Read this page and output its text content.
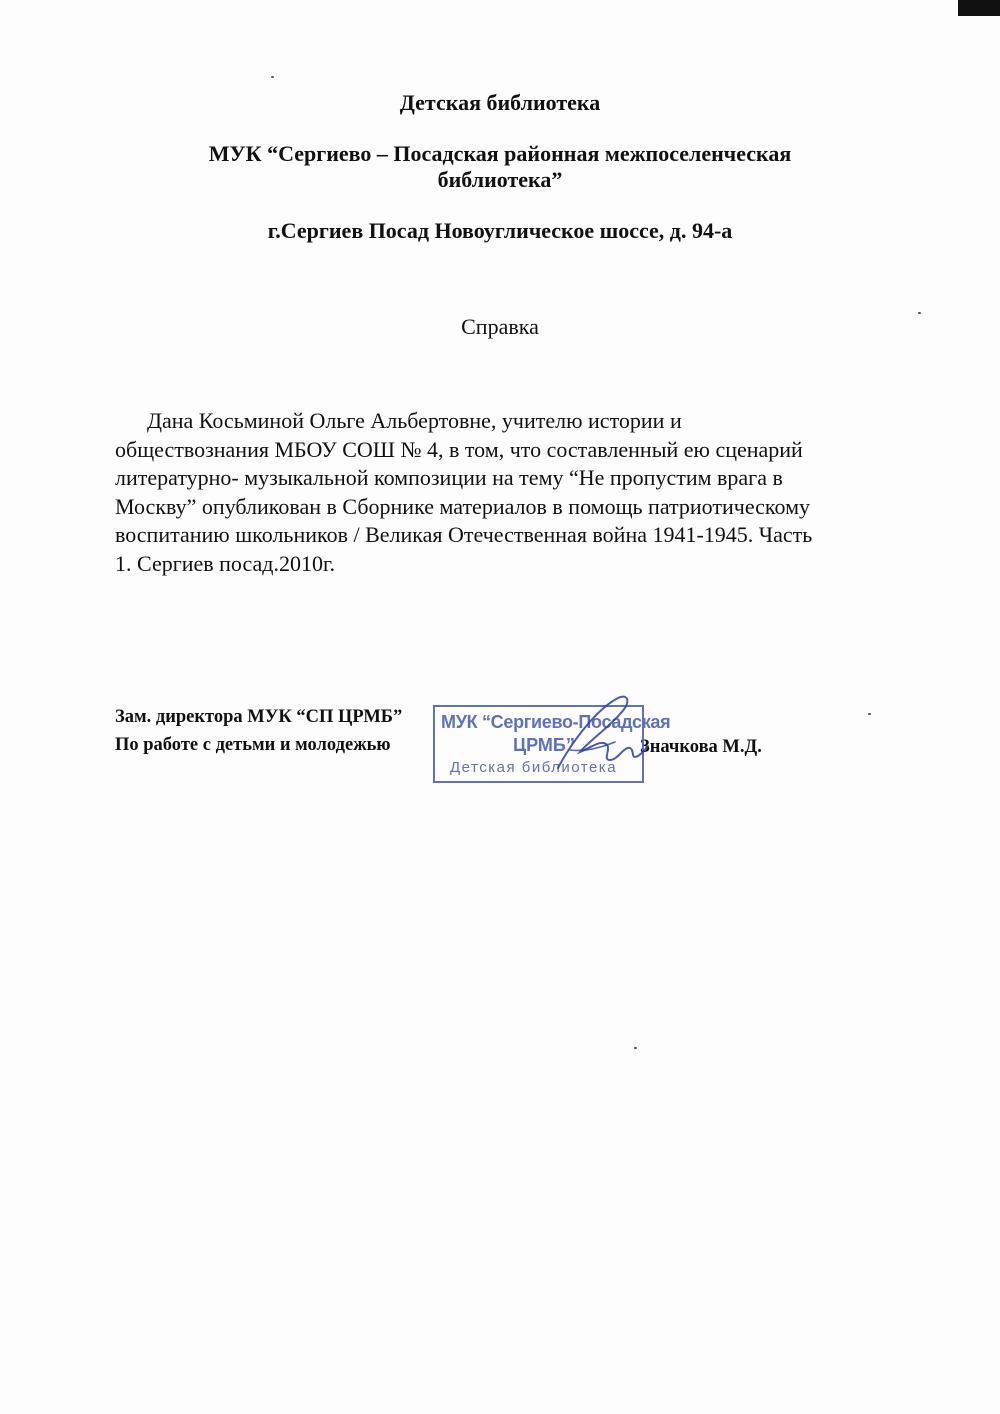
Детская библиотека
МУК “Сергиево – Посадская районная межпоселенческая
библиотека”
г.Сергиев Посад Новоуглическое шоссе, д. 94-а
Справка
Дана Косьминой Ольге Альбертовне, учителю истории и
обществознания МБОУ СОШ № 4, в том, что составленный ею сценарий
литературно- музыкальной композиции на тему “Не пропустим врага в
Москву” опубликован в Сборнике материалов в помощь патриотическому
воспитанию школьников / Великая Отечественная война 1941-1945. Часть
1. Сергиев посад.2010г.
Зам. директора МУК “СП ЦРМБ”
По работе с детьми и молодежью	Значкова М.Д.
МУК “Сергиево-Посадская
ЦРМБ”
Детская библиотека
